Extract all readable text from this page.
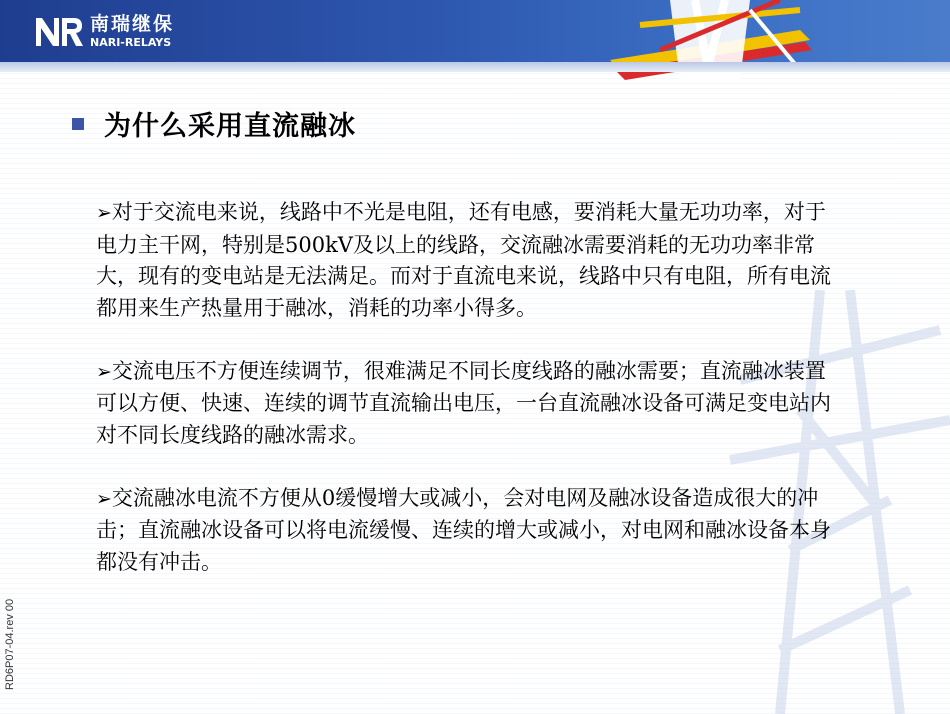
南瑞继保
NARI-RELAYS
为什么采用直流融冰

➢对于交流电来说，线路中不光是电阻，还有电感，要消耗大量无功功率，对于电力主干网，特别是500kV及以上的线路，交流融冰需要消耗的无功功率非常大，现有的变电站是无法满足。而对于直流电来说，线路中只有电阻，所有电流都用来生产热量用于融冰，消耗的功率小得多。

➢交流电压不方便连续调节，很难满足不同长度线路的融冰需要；直流融冰装置可以方便、快速、连续的调节直流输出电压，一台直流融冰设备可满足变电站内对不同长度线路的融冰需求。

➢交流融冰电流不方便从0缓慢增大或减小，会对电网及融冰设备造成很大的冲击；直流融冰设备可以将电流缓慢、连续的增大或减小，对电网和融冰设备本身都没有冲击。

RD6P07-04.rev 00
